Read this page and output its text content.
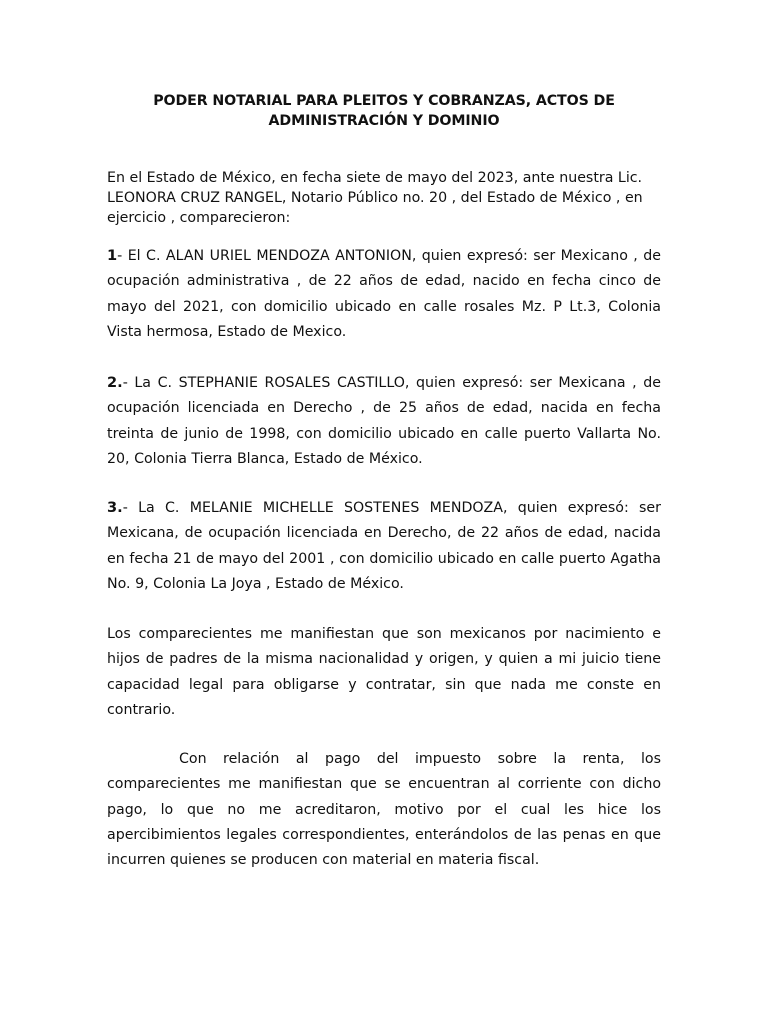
PODER NOTARIAL PARA PLEITOS Y COBRANZAS, ACTOS DE ADMINISTRACIÓN Y DOMINIO

En el Estado de México, en fecha siete de mayo del 2023, ante nuestra Lic. LEONORA CRUZ RANGEL, Notario Público no. 20 , del Estado de México , en ejercicio , comparecieron:

1- El C. ALAN URIEL MENDOZA ANTONION, quien expresó: ser Mexicano , de ocupación administrativa , de 22 años de edad, nacido en fecha cinco de mayo del 2021, con domicilio ubicado en calle rosales Mz. P Lt.3, Colonia Vista hermosa, Estado de Mexico.

2.- La C. STEPHANIE ROSALES CASTILLO, quien expresó: ser Mexicana , de ocupación licenciada en Derecho , de 25 años de edad, nacida en fecha treinta de junio de 1998, con domicilio ubicado en calle puerto Vallarta No. 20, Colonia Tierra Blanca, Estado de México.

3.- La C. MELANIE MICHELLE SOSTENES MENDOZA, quien expresó: ser Mexicana, de ocupación licenciada en Derecho, de 22 años de edad, nacida en fecha 21 de mayo del 2001 , con domicilio ubicado en calle puerto Agatha No. 9, Colonia La Joya , Estado de México.

Los comparecientes me manifiestan que son mexicanos por nacimiento e hijos de padres de la misma nacionalidad y origen, y quien a mi juicio tiene capacidad legal para obligarse y contratar, sin que nada me conste en contrario.

Con relación al pago del impuesto sobre la renta, los comparecientes me manifiestan que se encuentran al corriente con dicho pago, lo que no me acreditaron, motivo por el cual les hice los apercibimientos legales correspondientes, enterándolos de las penas en que incurren quienes se producen con material en materia fiscal.
